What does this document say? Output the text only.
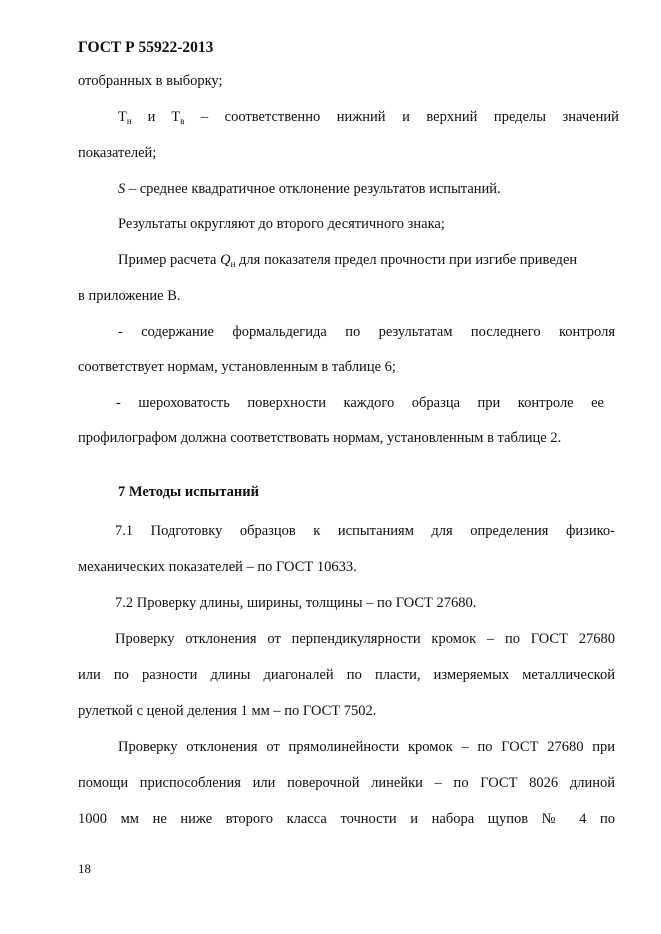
ГОСТ Р 55922-2013
отобранных в выборку;
$Т_н$ и $Т_в$ – соответственно нижний и верхний пределы значений
показателей;
S – среднее квадратичное отклонение результатов испытаний.
Результаты округляют до второго десятичного знака;
Пример расчета $Q_н$ для показателя предел прочности при изгибе приведен
в приложение В.
- содержание формальдегида по результатам последнего контроля
соответствует нормам, установленным в таблице 6;
- шероховатость поверхности каждого образца при контроле ее
профилографом должна соответствовать нормам, установленным в таблице 2.
7 Методы испытаний
7.1 Подготовку образцов к испытаниям для определения физико-
механических показателей – по ГОСТ 10633.
7.2 Проверку длины, ширины, толщины – по ГОСТ 27680.
Проверку отклонения от перпендикулярности кромок – по ГОСТ 27680
или по разности длины диагоналей по пласти, измеряемых металлической
рулеткой с ценой деления 1 мм – по ГОСТ 7502.
Проверку отклонения от прямолинейности кромок – по ГОСТ 27680 при
помощи приспособления или поверочной линейки – по ГОСТ 8026 длиной
1000 мм не ниже второго класса точности и набора щупов № 4 по
18
